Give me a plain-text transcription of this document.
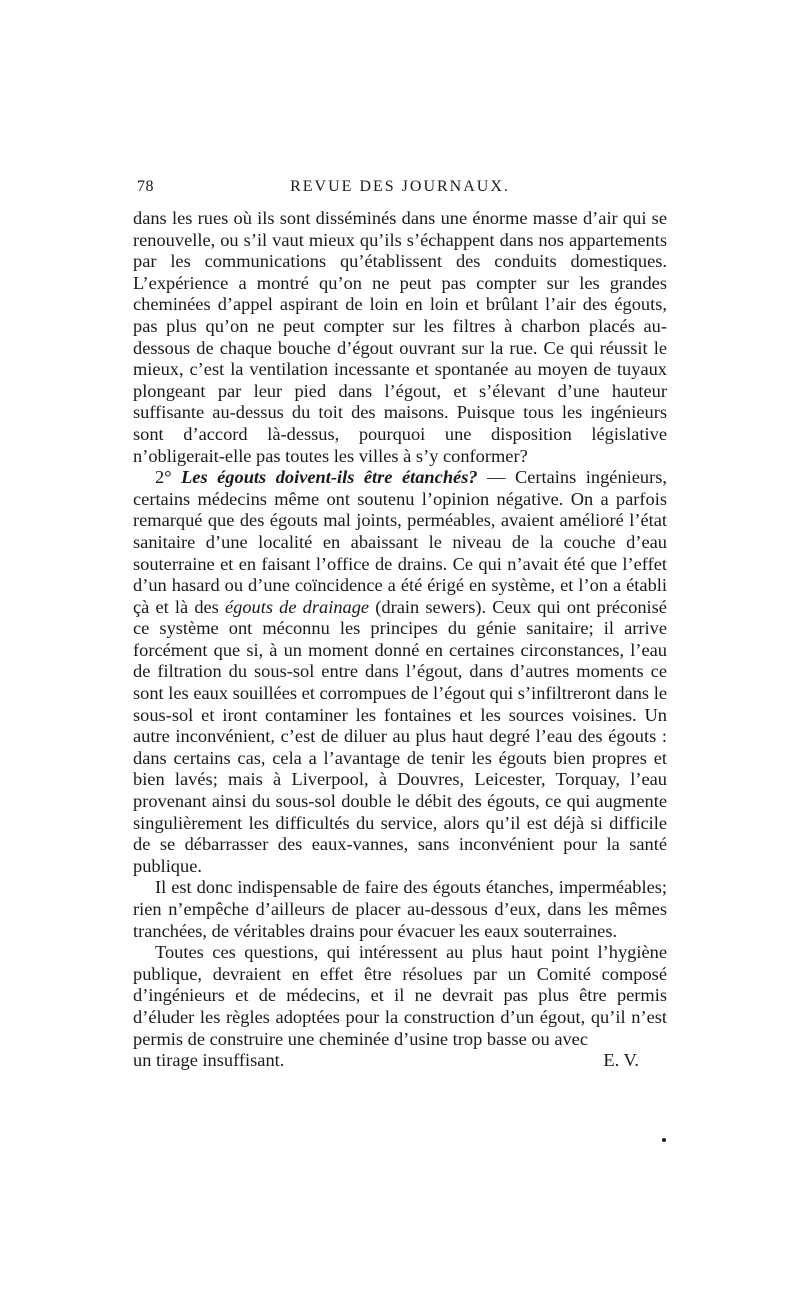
78	REVUE DES JOURNAUX.

dans les rues où ils sont disséminés dans une énorme masse d’air qui se renouvelle, ou s’il vaut mieux qu’ils s’échappent dans nos appartements par les communications qu’établissent des conduits domestiques. L’expérience a montré qu’on ne peut pas compter sur les grandes cheminées d’appel aspirant de loin en loin et brûlant l’air des égouts, pas plus qu’on ne peut compter sur les filtres à charbon placés au-dessous de chaque bouche d’égout ouvrant sur la rue. Ce qui réussit le mieux, c’est la ventilation incessante et spontanée au moyen de tuyaux plongeant par leur pied dans l’égout, et s’élevant d’une hauteur suffisante au-dessus du toit des maisons. Puisque tous les ingénieurs sont d’accord là-dessus, pourquoi une disposition législative n’obligerait-elle pas toutes les villes à s’y conformer?

2° Les égouts doivent-ils être étanchés? — Certains ingénieurs, certains médecins même ont soutenu l’opinion négative. On a parfois remarqué que des égouts mal joints, perméables, avaient amélioré l’état sanitaire d’une localité en abaissant le niveau de la couche d’eau souterraine et en faisant l’office de drains. Ce qui n’avait été que l’effet d’un hasard ou d’une coïncidence a été érigé en système, et l’on a établi çà et là des égouts de drainage (drain sewers). Ceux qui ont préconisé ce système ont méconnu les principes du génie sanitaire; il arrive forcément que si, à un moment donné en certaines circonstances, l’eau de filtration du sous-sol entre dans l’égout, dans d’autres moments ce sont les eaux souillées et corrompues de l’égout qui s’infiltreront dans le sous-sol et iront contaminer les fontaines et les sources voisines. Un autre inconvénient, c’est de diluer au plus haut degré l’eau des égouts : dans certains cas, cela a l’avantage de tenir les égouts bien propres et bien lavés; mais à Liverpool, à Douvres, Leicester, Torquay, l’eau provenant ainsi du sous-sol double le débit des égouts, ce qui augmente singulièrement les difficultés du service, alors qu’il est déjà si difficile de se débarrasser des eaux-vannes, sans inconvénient pour la santé publique.

Il est donc indispensable de faire des égouts étanches, imperméables; rien n’empêche d’ailleurs de placer au-dessous d’eux, dans les mêmes tranchées, de véritables drains pour évacuer les eaux souterraines.

Toutes ces questions, qui intéressent au plus haut point l’hygiène publique, devraient en effet être résolues par un Comité composé d’ingénieurs et de médecins, et il ne devrait pas plus être permis d’éluder les règles adoptées pour la construction d’un égout, qu’il n’est permis de construire une cheminée d’usine trop basse ou avec

un tirage insuffisant.	E. V.
